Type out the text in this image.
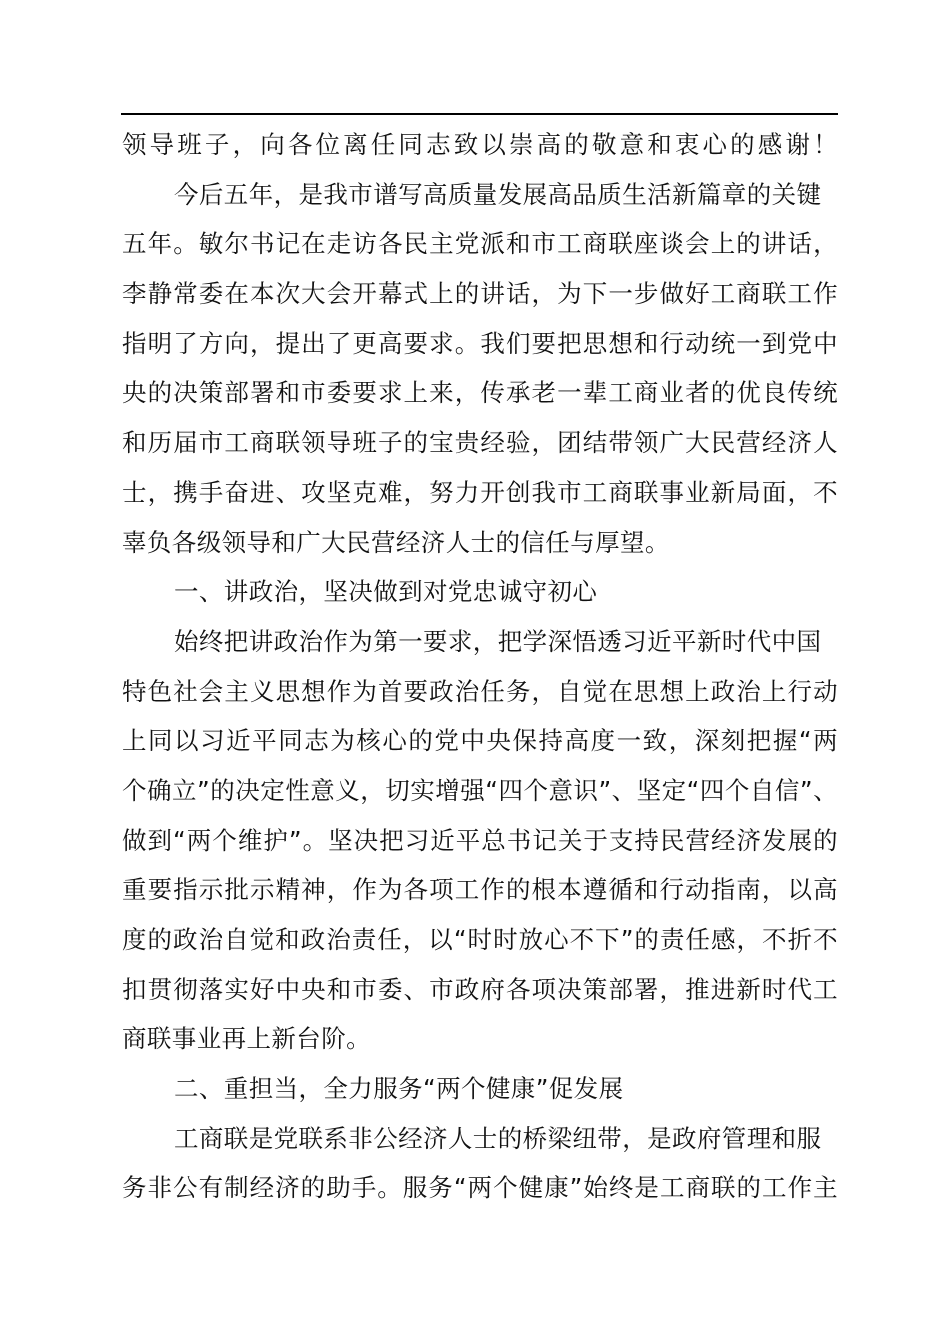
领导班子，向各位离任同志致以崇高的敬意和衷心的感谢！
今后五年，是我市谱写高质量发展高品质生活新篇章的关键
五年。敏尔书记在走访各民主党派和市工商联座谈会上的讲话，
李静常委在本次大会开幕式上的讲话，为下一步做好工商联工作
指明了方向，提出了更高要求。我们要把思想和行动统一到党中
央的决策部署和市委要求上来，传承老一辈工商业者的优良传统
和历届市工商联领导班子的宝贵经验，团结带领广大民营经济人
士，携手奋进、攻坚克难，努力开创我市工商联事业新局面，不
辜负各级领导和广大民营经济人士的信任与厚望。
一、讲政治，坚决做到对党忠诚守初心
始终把讲政治作为第一要求，把学深悟透习近平新时代中国
特色社会主义思想作为首要政治任务，自觉在思想上政治上行动
上同以习近平同志为核心的党中央保持高度一致，深刻把握“两
个确立”的决定性意义，切实增强“四个意识”、坚定“四个自信”、
做到“两个维护”。坚决把习近平总书记关于支持民营经济发展的
重要指示批示精神，作为各项工作的根本遵循和行动指南，以高
度的政治自觉和政治责任，以“时时放心不下”的责任感，不折不
扣贯彻落实好中央和市委、市政府各项决策部署，推进新时代工
商联事业再上新台阶。
二、重担当，全力服务“两个健康”促发展
工商联是党联系非公经济人士的桥梁纽带，是政府管理和服
务非公有制经济的助手。服务“两个健康”始终是工商联的工作主
